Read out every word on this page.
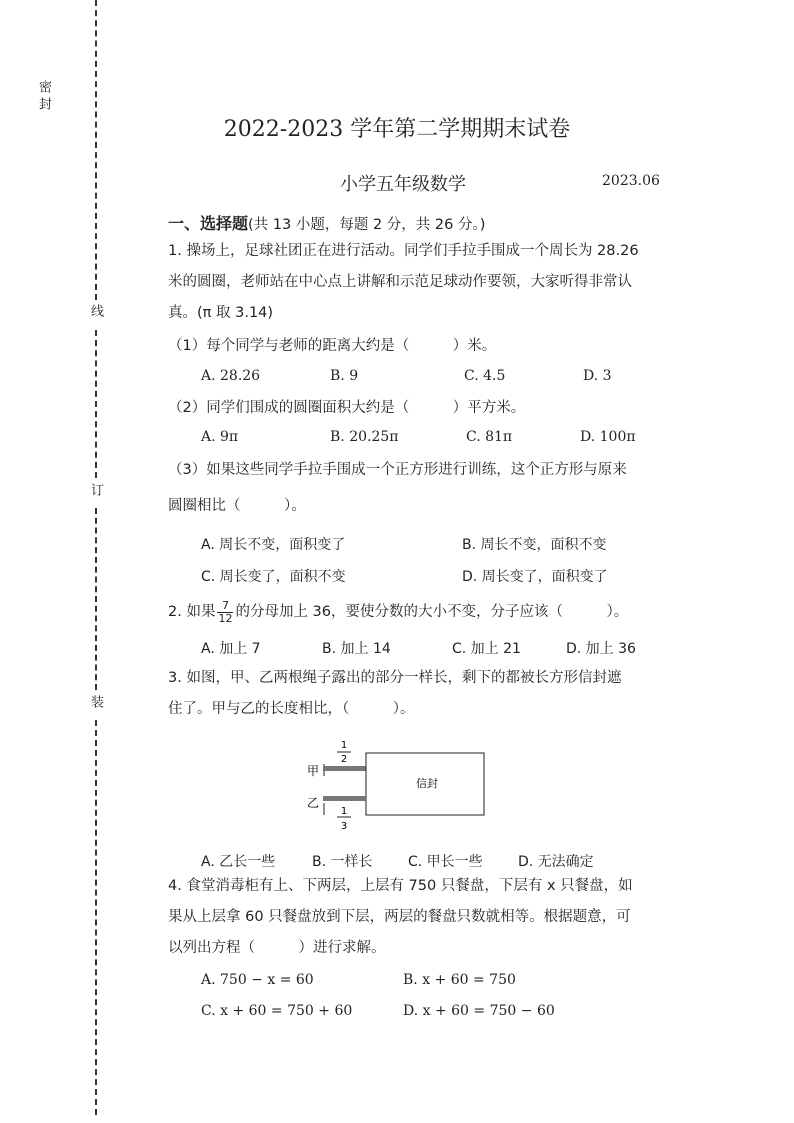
密 封
线
订
装
2022-2023 学年第二学期期末试卷
小学五年级数学	2023.06
一、选择题(共 13 小题，每题 2 分，共 26 分。)
1. 操场上，足球社团正在进行活动。同学们手拉手围成一个周长为 28.26
米的圆圈，老师站在中心点上讲解和示范足球动作要领，大家听得非常认
真。(π 取 3.14)
（1）每个同学与老师的距离大约是（　　　）米。
A. 28.26	B. 9	C. 4.5	D. 3
（2）同学们围成的圆圈面积大约是（　　　）平方米。
A. 9π	B. 20.25π	C. 81π	D. 100π
（3）如果这些同学手拉手围成一个正方形进行训练，这个正方形与原来
圆圈相比（　　　）。
A. 周长不变，面积变了	B. 周长不变，面积不变
C. 周长变了，面积不变	D. 周长变了，面积变了
2. 如果 $\frac{7}{12}$ 的分母加上 36，要使分数的大小不变，分子应该（　　　）。
A. 加上 7	B. 加上 14	C. 加上 21	D. 加上 36
3. 如图，甲、乙两根绳子露出的部分一样长，剩下的都被长方形信封遮
住了。甲与乙的长度相比，（　　　）。
1
2
甲
信封
乙
1
3
A. 乙长一些	B. 一样长	C. 甲长一些	D. 无法确定
4. 食堂消毒柜有上、下两层，上层有 750 只餐盘，下层有 x 只餐盘，如
果从上层拿 60 只餐盘放到下层，两层的餐盘只数就相等。根据题意，可
以列出方程（　　　）进行求解。
A. 750 − x = 60	B. x + 60 = 750
C. x + 60 = 750 + 60	D. x + 60 = 750 − 60
